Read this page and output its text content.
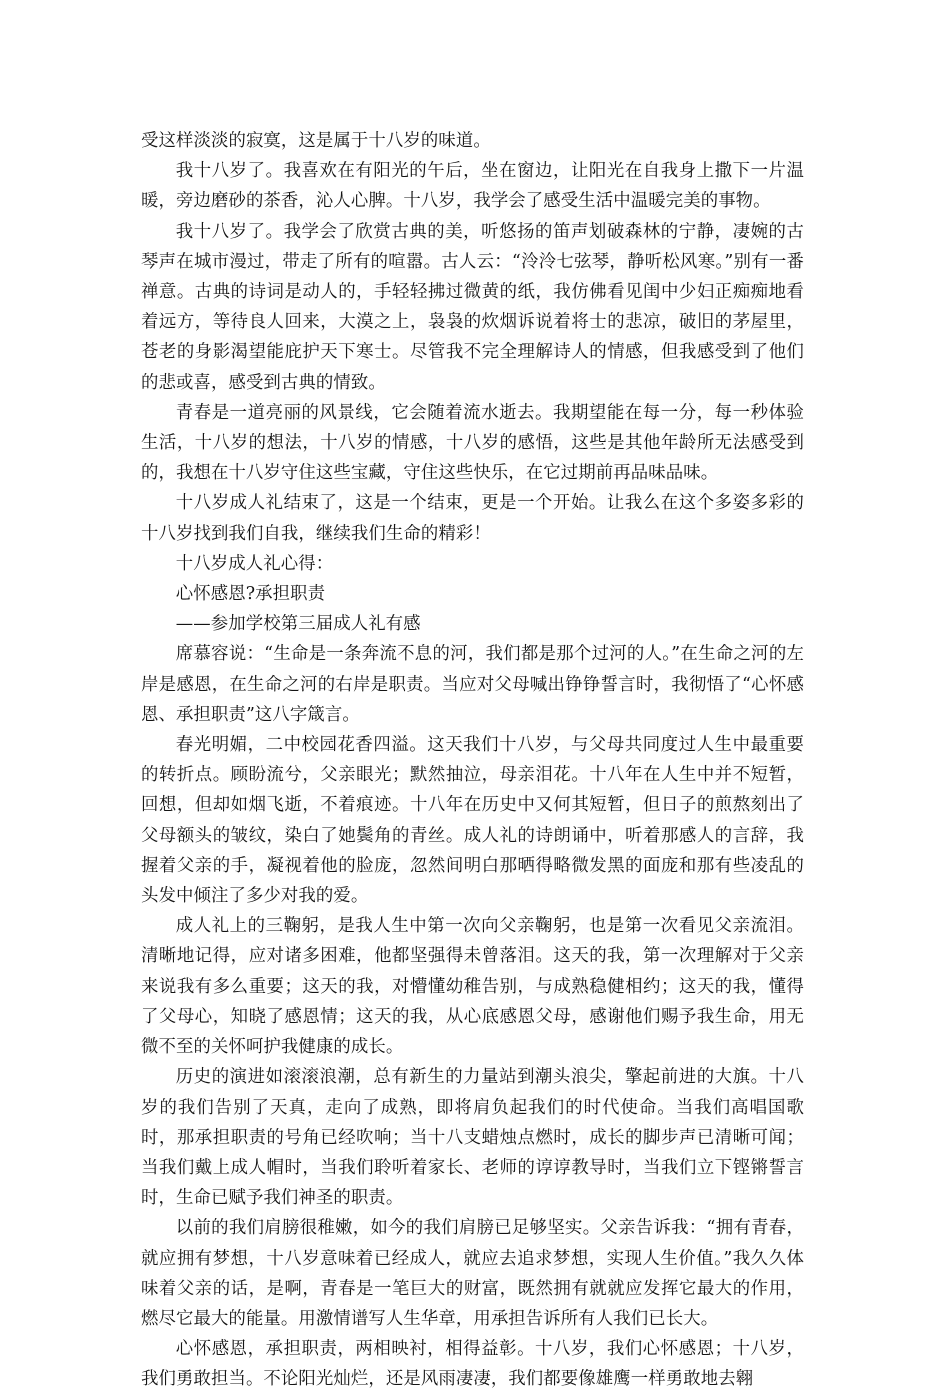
受这样淡淡的寂寞，这是属于十八岁的味道。

我十八岁了。我喜欢在有阳光的午后，坐在窗边，让阳光在自我身上撒下一片温暖，旁边磨砂的茶香，沁人心脾。十八岁，我学会了感受生活中温暖完美的事物。

我十八岁了。我学会了欣赏古典的美，听悠扬的笛声划破森林的宁静，凄婉的古琴声在城市漫过，带走了所有的喧嚣。古人云：“泠泠七弦琴，静听松风寒。”别有一番禅意。古典的诗词是动人的，手轻轻拂过微黄的纸，我仿佛看见闺中少妇正痴痴地看着远方，等待良人回来，大漠之上，袅袅的炊烟诉说着将士的悲凉，破旧的茅屋里，苍老的身影渴望能庇护天下寒士。尽管我不完全理解诗人的情感，但我感受到了他们的悲或喜，感受到古典的情致。

青春是一道亮丽的风景线，它会随着流水逝去。我期望能在每一分，每一秒体验生活，十八岁的想法，十八岁的情感，十八岁的感悟，这些是其他年龄所无法感受到的，我想在十八岁守住这些宝藏，守住这些快乐，在它过期前再品味品味。

十八岁成人礼结束了，这是一个结束，更是一个开始。让我么在这个多姿多彩的十八岁找到我们自我，继续我们生命的精彩！

十八岁成人礼心得：

心怀感恩?承担职责

——参加学校第三届成人礼有感

席慕容说：“生命是一条奔流不息的河，我们都是那个过河的人。”在生命之河的左岸是感恩，在生命之河的右岸是职责。当应对父母喊出铮铮誓言时，我彻悟了“心怀感恩、承担职责”这八字箴言。

春光明媚，二中校园花香四溢。这天我们十八岁，与父母共同度过人生中最重要的转折点。顾盼流兮，父亲眼光；默然抽泣，母亲泪花。十八年在人生中并不短暂，回想，但却如烟飞逝，不着痕迹。十八年在历史中又何其短暂，但日子的煎熬刻出了父母额头的皱纹，染白了她鬓角的青丝。成人礼的诗朗诵中，听着那感人的言辞，我握着父亲的手，凝视着他的脸庞，忽然间明白那晒得略微发黑的面庞和那有些凌乱的头发中倾注了多少对我的爱。

成人礼上的三鞠躬，是我人生中第一次向父亲鞠躬，也是第一次看见父亲流泪。清晰地记得，应对诸多困难，他都坚强得未曾落泪。这天的我，第一次理解对于父亲来说我有多么重要；这天的我，对懵懂幼稚告别，与成熟稳健相约；这天的我，懂得了父母心，知晓了感恩情；这天的我，从心底感恩父母，感谢他们赐予我生命，用无微不至的关怀呵护我健康的成长。

历史的演进如滚滚浪潮，总有新生的力量站到潮头浪尖，擎起前进的大旗。十八岁的我们告别了天真，走向了成熟，即将肩负起我们的时代使命。当我们高唱国歌时，那承担职责的号角已经吹响；当十八支蜡烛点燃时，成长的脚步声已清晰可闻；当我们戴上成人帽时，当我们聆听着家长、老师的谆谆教导时，当我们立下铿锵誓言时，生命已赋予我们神圣的职责。

以前的我们肩膀很稚嫩，如今的我们肩膀已足够坚实。父亲告诉我：“拥有青春，就应拥有梦想，十八岁意味着已经成人，就应去追求梦想，实现人生价值。”我久久体味着父亲的话，是啊，青春是一笔巨大的财富，既然拥有就就应发挥它最大的作用，燃尽它最大的能量。用激情谱写人生华章，用承担告诉所有人我们已长大。

心怀感恩，承担职责，两相映衬，相得益彰。十八岁，我们心怀感恩；十八岁，我们勇敢担当。不论阳光灿烂，还是风雨凄凄，我们都要像雄鹰一样勇敢地去翱
